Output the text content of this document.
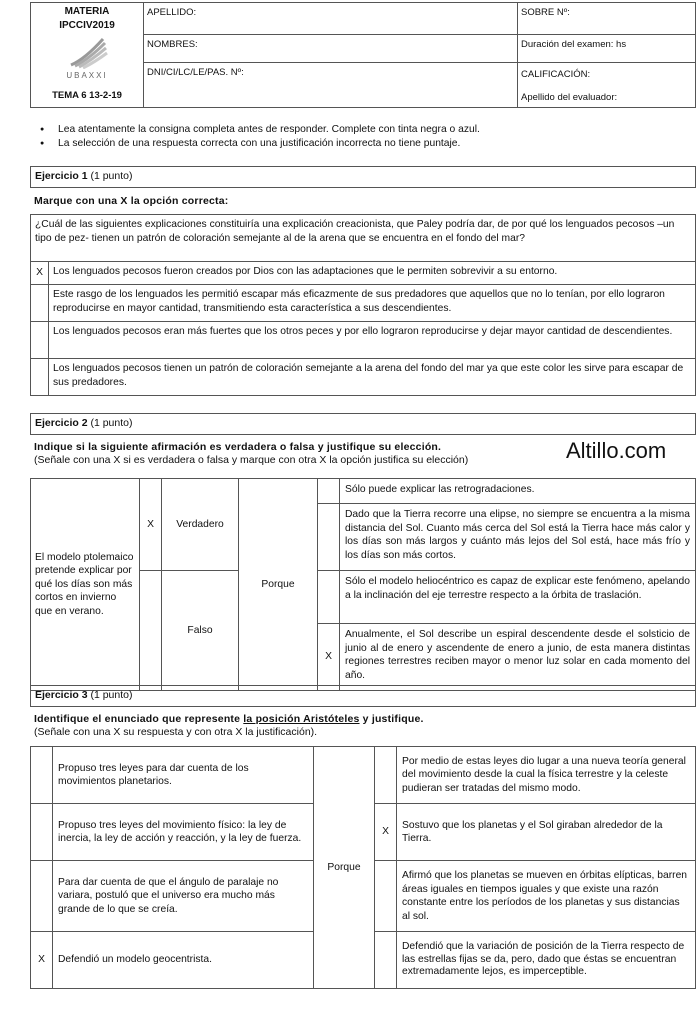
MATERIA
IPCCIV2019
UBAXXI
TEMA 6 13-2-19	APELLIDO:	SOBRE Nº:
	NOMBRES:	Duración del examen: hs
	DNI/CI/LC/LE/PAS. Nº:	CALIFICACIÓN:
Apellido del evaluador:
● Lea atentamente la consigna completa antes de responder. Complete con tinta negra o azul.
● La selección de una respuesta correcta con una justificación incorrecta no tiene puntaje.
Ejercicio 1 (1 punto)
Marque con una X la opción correcta:
¿Cuál de las siguientes explicaciones constituiría una explicación creacionista, que Paley podría dar, de por qué los lenguados pecosos –un tipo de pez- tienen un patrón de coloración semejante al de la arena que se encuentra en el fondo del mar?	
X	Los lenguados pecosos fueron creados por Dios con las adaptaciones que le permiten sobrevivir a su entorno.
	Este rasgo de los lenguados les permitió escapar más eficazmente de sus predadores que aquellos que no lo tenían, por ello lograron reproducirse en mayor cantidad, transmitiendo esta característica a sus descendientes.
	Los lenguados pecosos eran más fuertes que los otros peces y por ello lograron reproducirse y dejar mayor cantidad de descendientes.
	Los lenguados pecosos tienen un patrón de coloración semejante a la arena del fondo del mar ya que este color les sirve para escapar de sus predadores.
Ejercicio 2 (1 punto)
Indique si la siguiente afirmación es verdadera o falsa y justifique su elección.
(Señale con una X si es verdadera o falsa y marque con otra X la opción justifica su elección)	Altillo.com
El modelo ptolemaico pretende explicar por qué los días son más cortos en invierno que en verano.	X	Verdadero	Porque		Sólo puede explicar las retrogradaciones.
					Dado que la Tierra recorre una elipse, no siempre se encuentra a la misma distancia del Sol. Cuanto más cerca del Sol está la Tierra hace más calor y los días son más largos y cuánto más lejos del Sol está, hace más frío y los días son más cortos.
		Falso			Sólo el modelo heliocéntrico es capaz de explicar este fenómeno, apelando a la inclinación del eje terrestre respecto a la órbita de traslación.
				X	Anualmente, el Sol describe un espiral descendente desde el solsticio de junio al de enero y ascendente de enero a junio, de esta manera distintas regiones terrestres reciben mayor o menor luz solar en cada momento del año.
Ejercicio 3 (1 punto)
Identifique el enunciado que represente la posición Aristóteles y justifique.
(Señale con una X su respuesta y con otra X la justificación).
	Propuso tres leyes para dar cuenta de los movimientos planetarios.	Porque		Por medio de estas leyes dio lugar a una nueva teoría general del movimiento desde la cual la física terrestre y la celeste pudieran ser tratadas del mismo modo.
	Propuso tres leyes del movimiento físico: la ley de inercia, la ley de acción y reacción, y la ley de fuerza.		X	Sostuvo que los planetas y el Sol giraban alrededor de la Tierra.
	Para dar cuenta de que el ángulo de paralaje no variara, postuló que el universo era mucho más grande de lo que se creía.			Afirmó que los planetas se mueven en órbitas elípticas, barren áreas iguales en tiempos iguales y que existe una razón constante entre los períodos de los planetas y sus distancias al sol.
X	Defendió un modelo geocentrista.			Defendió que la variación de posición de la Tierra respecto de las estrellas fijas se da, pero, dado que éstas se encuentran extremadamente lejos, es imperceptible.
